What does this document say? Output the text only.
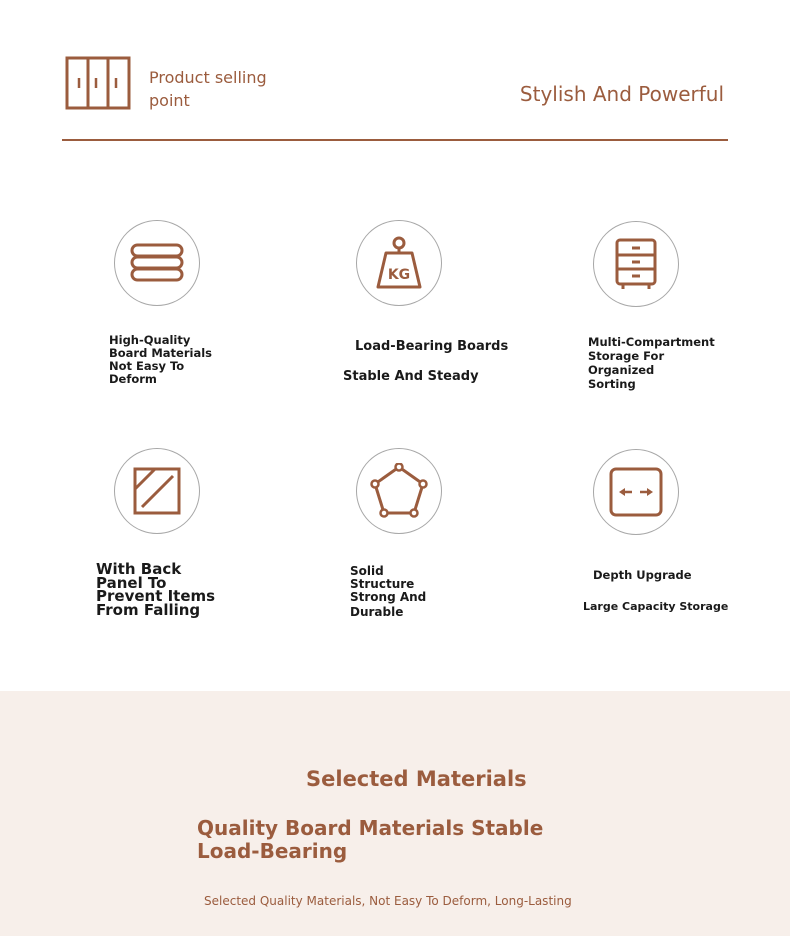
Product selling
point	Stylish And Powerful
High-Quality
Board Materials
Not Easy To
Deform
KG
Load-Bearing Boards
Stable And Steady
Multi-Compartment
Storage For
Organized
Sorting
With Back
Panel To
Prevent Items
From Falling
Solid
Structure
Strong And
Durable
Depth Upgrade
Large Capacity Storage
Selected Materials
Quality Board Materials Stable
Load-Bearing
Selected Quality Materials, Not Easy To Deform, Long-Lasting
